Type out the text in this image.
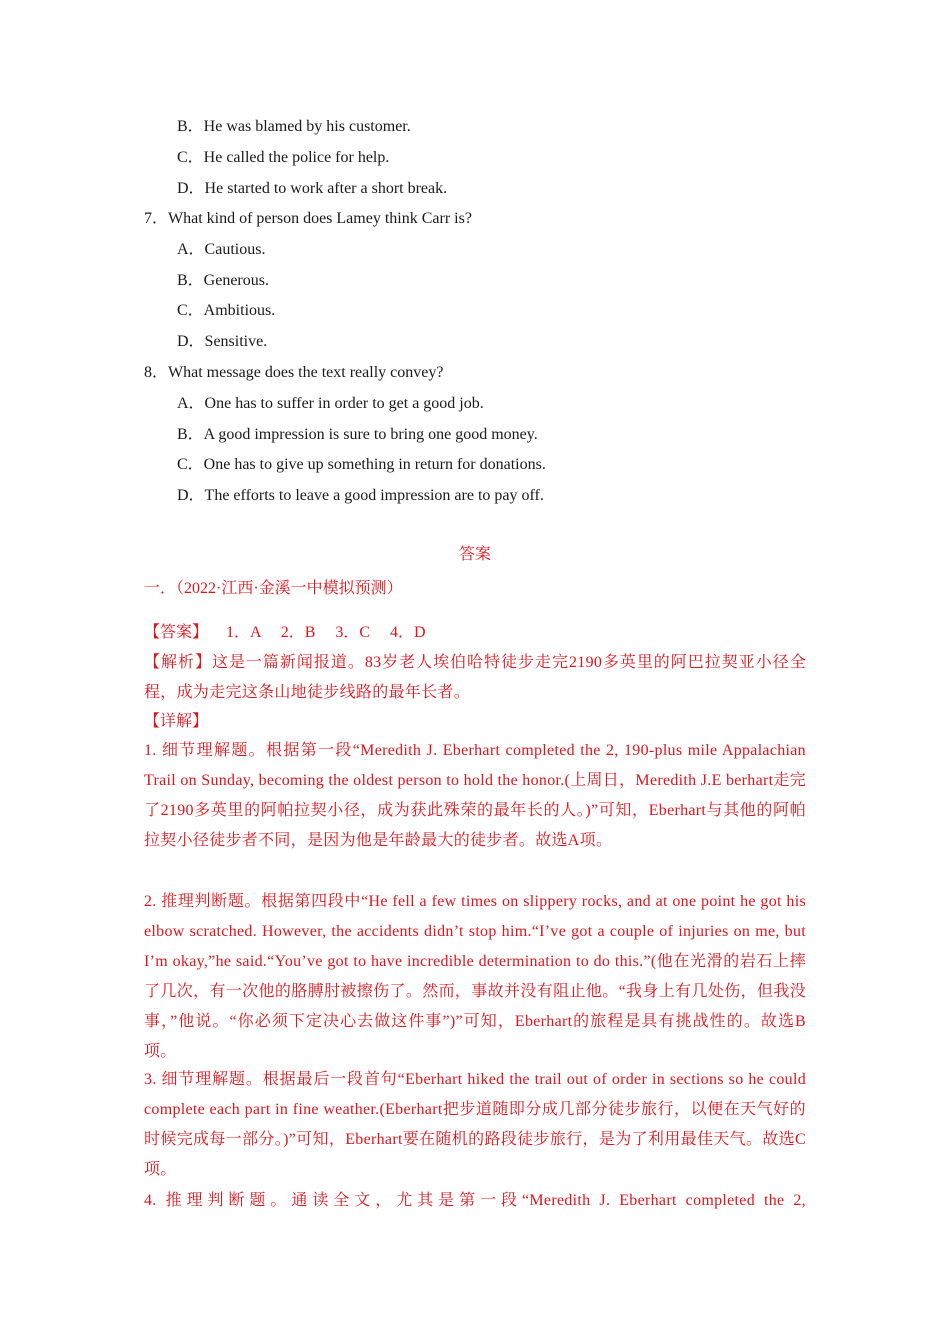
B．He was blamed by his customer.
C．He called the police for help.
D．He started to work after a short break.
7．What kind of person does Lamey think Carr is?
A．Cautious.
B．Generous.
C．Ambitious.
D．Sensitive.
8．What message does the text really convey?
A．One has to suffer in order to get a good job.
B．A good impression is sure to bring one good money.
C．One has to give up something in return for donations.
D．The efforts to leave a good impression are to pay off.
答案
一．（2022·江西·金溪一中模拟预测）
【答案】 1．A　 2．B　 3．C　 4．D
【解析】这是一篇新闻报道。83岁老人埃伯哈特徒步走完2190多英里的阿巴拉契亚小径全程，成为走完这条山地徒步线路的最年长者。
【详解】
1. 细节理解题。根据第一段“Meredith J. Eberhart completed the 2, 190-plus mile Appalachian Trail on Sunday, becoming the oldest person to hold the honor.(上周日，Meredith J.E berhart走完了2190多英里的阿帕拉契小径，成为获此殊荣的最年长的人。)”可知，Eberhart与其他的阿帕拉契小径徒步者不同，是因为他是年龄最大的徒步者。故选A项。
2. 推理判断题。根据第四段中“He fell a few times on slippery rocks, and at one point he got his elbow scratched. However, the accidents didn’t stop him.“I’ve got a couple of injuries on me, but I’m okay,”he said.“You’ve got to have incredible determination to do this.”(他在光滑的岩石上摔了几次，有一次他的胳膊肘被擦伤了。然而，事故并没有阻止他。“我身上有几处伤，但我没事，”他说。“你必须下定决心去做这件事”)”可知，Eberhart的旅程是具有挑战性的。故选B项。
3. 细节理解题。根据最后一段首句“Eberhart hiked the trail out of order in sections so he could complete each part in fine weather.(Eberhart把步道随即分成几部分徒步旅行，以便在天气好的时候完成每一部分。)”可知，Eberhart要在随机的路段徒步旅行，是为了利用最佳天气。故选C项。
4. 推理判断题。通读全文，尤其是第一段“Meredith J. Eberhart completed the 2,
